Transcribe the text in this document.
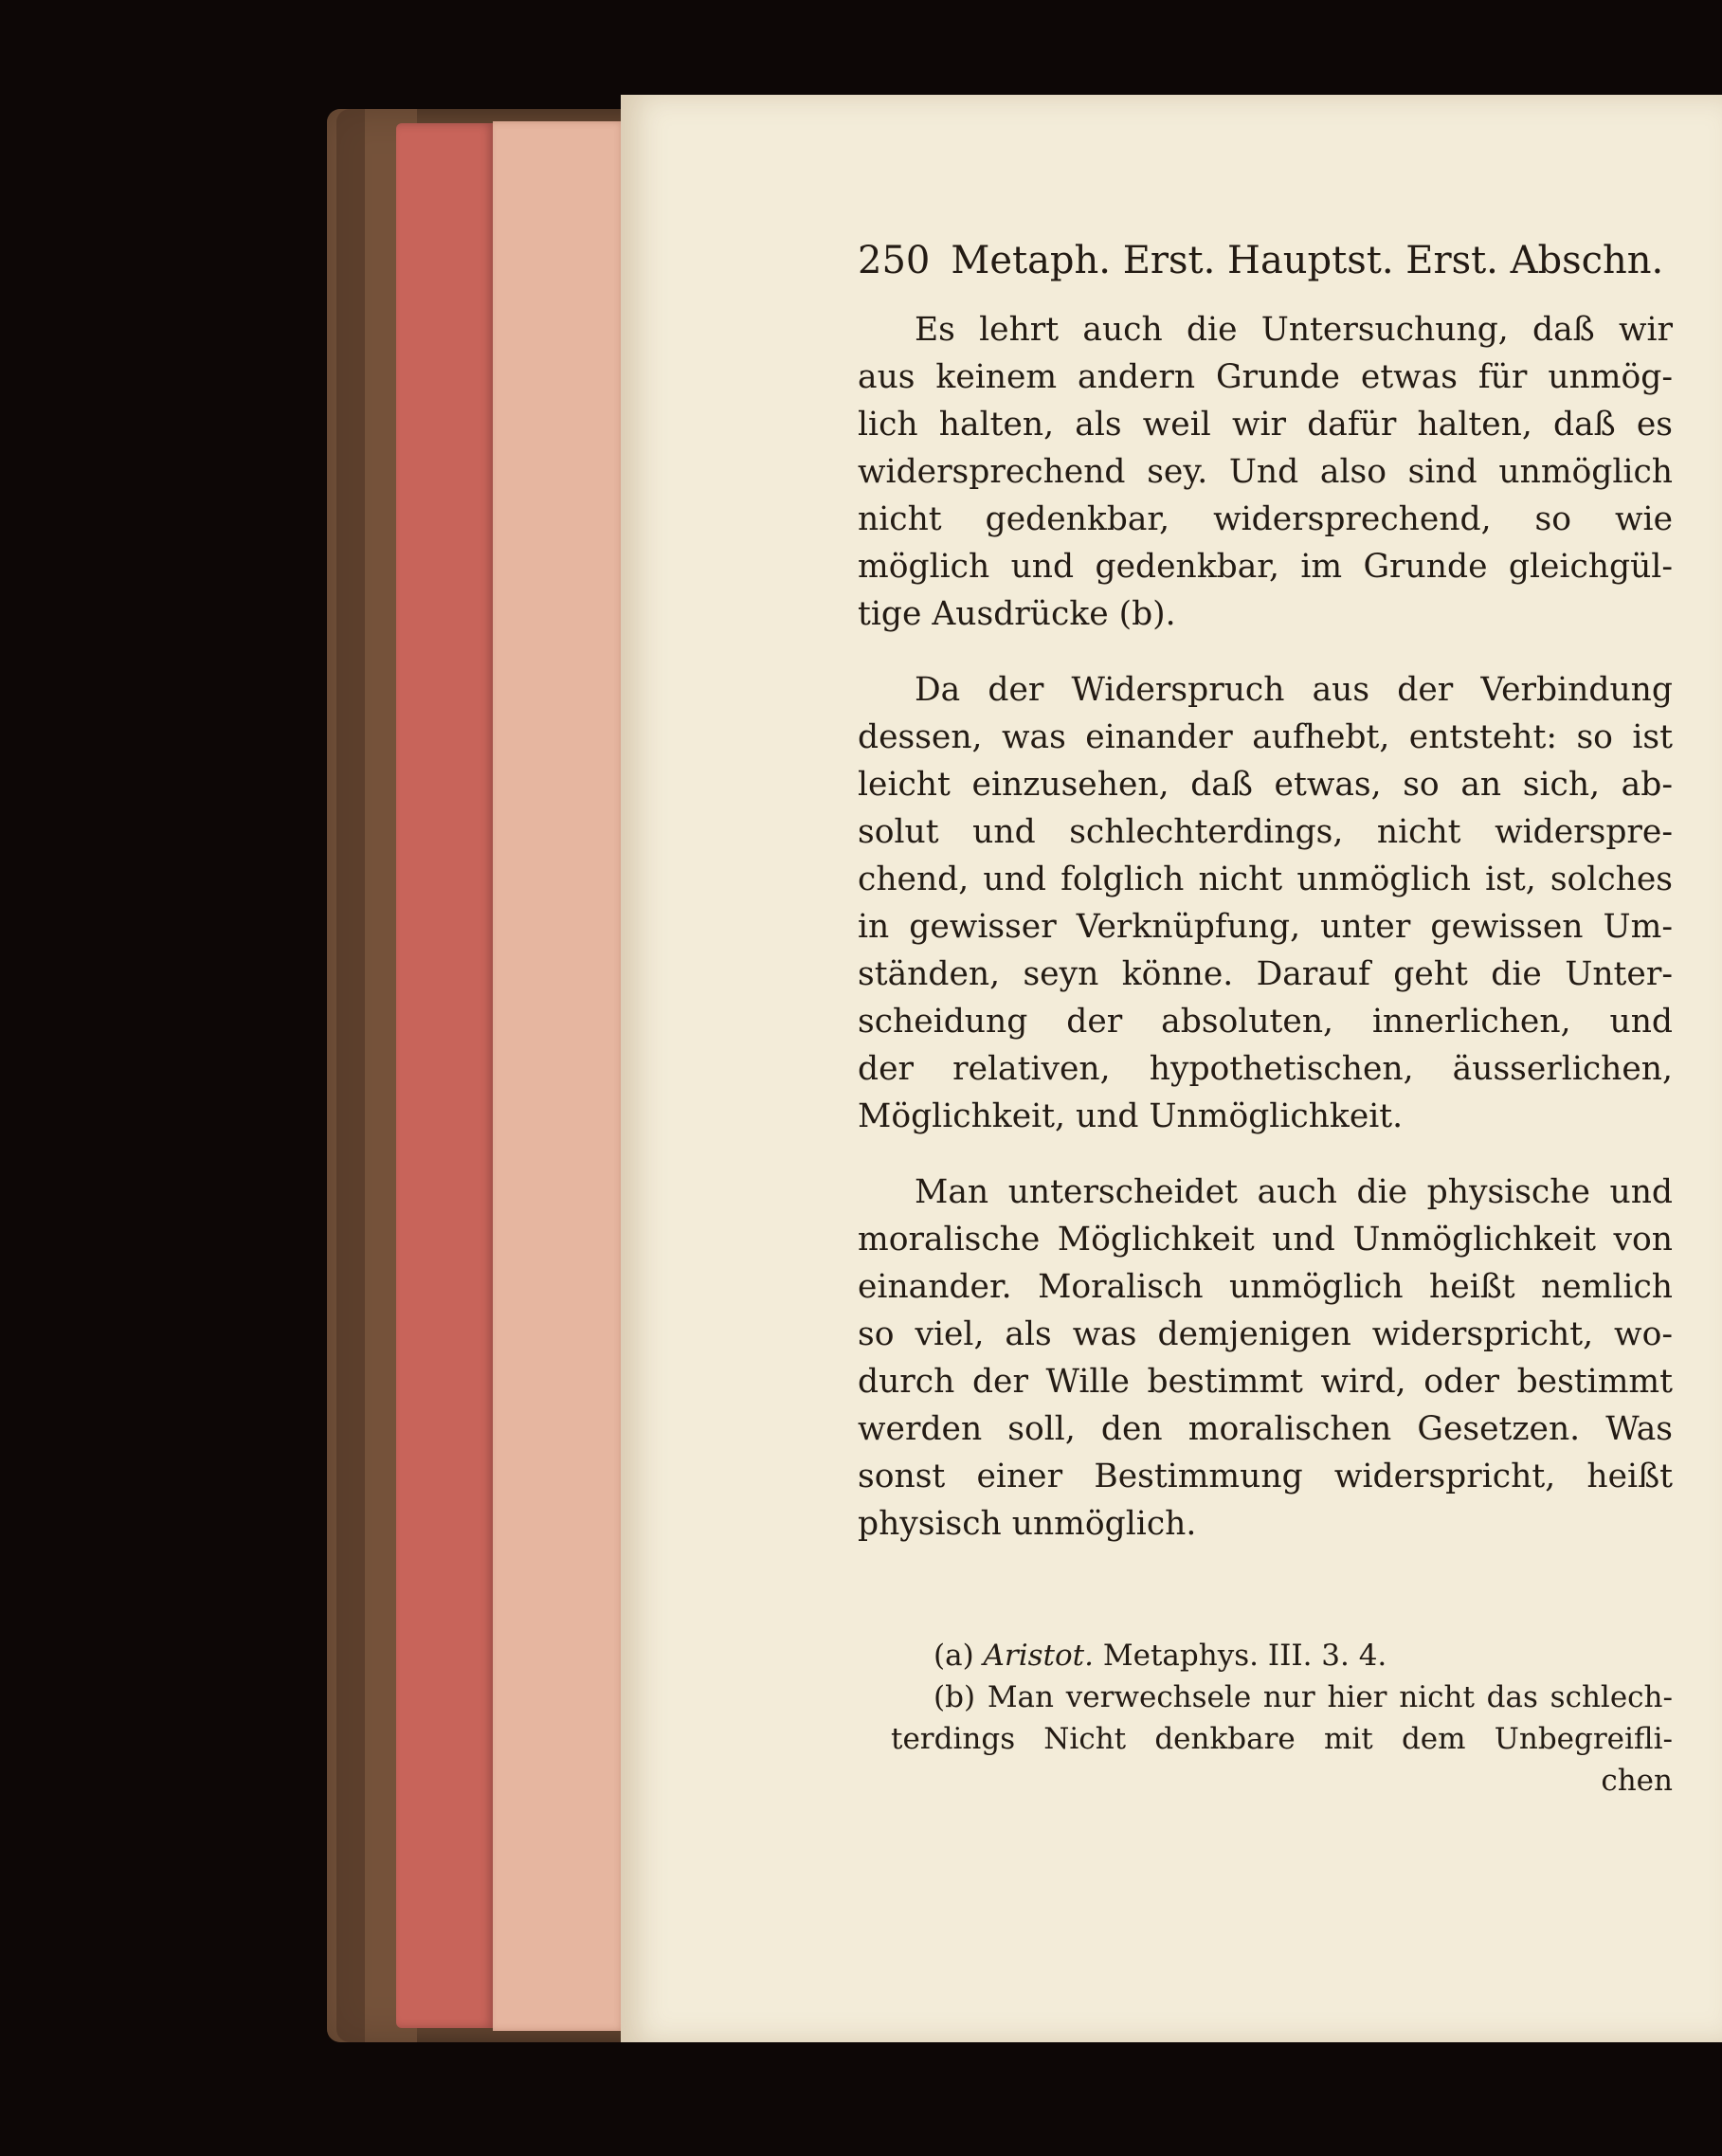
250 Metaph. Erst. Hauptst. Erst. Abschn.
Es lehrt auch die Untersuchung, daß wir
aus keinem andern Grunde etwas für unmög-
lich halten, als weil wir dafür halten, daß es
widersprechend sey. Und also sind unmöglich
nicht gedenkbar, widersprechend, so wie
möglich und gedenkbar, im Grunde gleichgül-
tige Ausdrücke (b).
Da der Widerspruch aus der Verbindung
dessen, was einander aufhebt, entsteht: so ist
leicht einzusehen, daß etwas, so an sich, ab-
solut und schlechterdings, nicht widerspre-
chend, und folglich nicht unmöglich ist, solches
in gewisser Verknüpfung, unter gewissen Um-
ständen, seyn könne. Darauf geht die Unter-
scheidung der absoluten, innerlichen, und
der relativen, hypothetischen, äusserlichen,
Möglichkeit, und Unmöglichkeit.
Man unterscheidet auch die physische und
moralische Möglichkeit und Unmöglichkeit von
einander. Moralisch unmöglich heißt nemlich
so viel, als was demjenigen widerspricht, wo-
durch der Wille bestimmt wird, oder bestimmt
werden soll, den moralischen Gesetzen. Was
sonst einer Bestimmung widerspricht, heißt
physisch unmöglich.
(a) Aristot. Metaphys. III. 3. 4.
(b) Man verwechsele nur hier nicht das schlech-
terdings Nicht denkbare mit dem Unbegreifli-
chen
